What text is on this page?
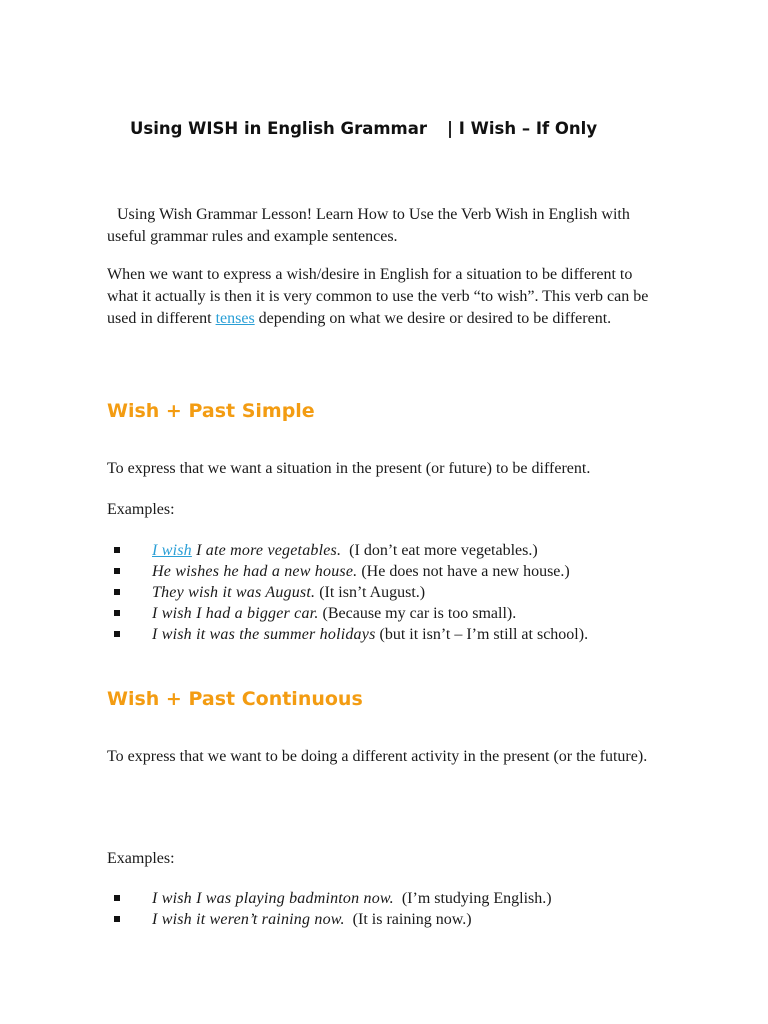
Using WISH in English Grammar | I Wish – If Only
Using Wish Grammar Lesson! Learn How to Use the Verb Wish in English with useful grammar rules and example sentences.
When we want to express a wish/desire in English for a situation to be different to what it actually is then it is very common to use the verb “to wish”. This verb can be used in different tenses depending on what we desire or desired to be different.
Wish + Past Simple
To express that we want a situation in the present (or future) to be different.
Examples:
I wish I ate more vegetables.  (I don’t eat more vegetables.)
He wishes he had a new house. (He does not have a new house.)
They wish it was August. (It isn’t August.)
I wish I had a bigger car. (Because my car is too small).
I wish it was the summer holidays (but it isn’t – I’m still at school).
Wish + Past Continuous
To express that we want to be doing a different activity in the present (or the future).
Examples:
I wish I was playing badminton now.  (I’m studying English.)
I wish it weren’t raining now.  (It is raining now.)
